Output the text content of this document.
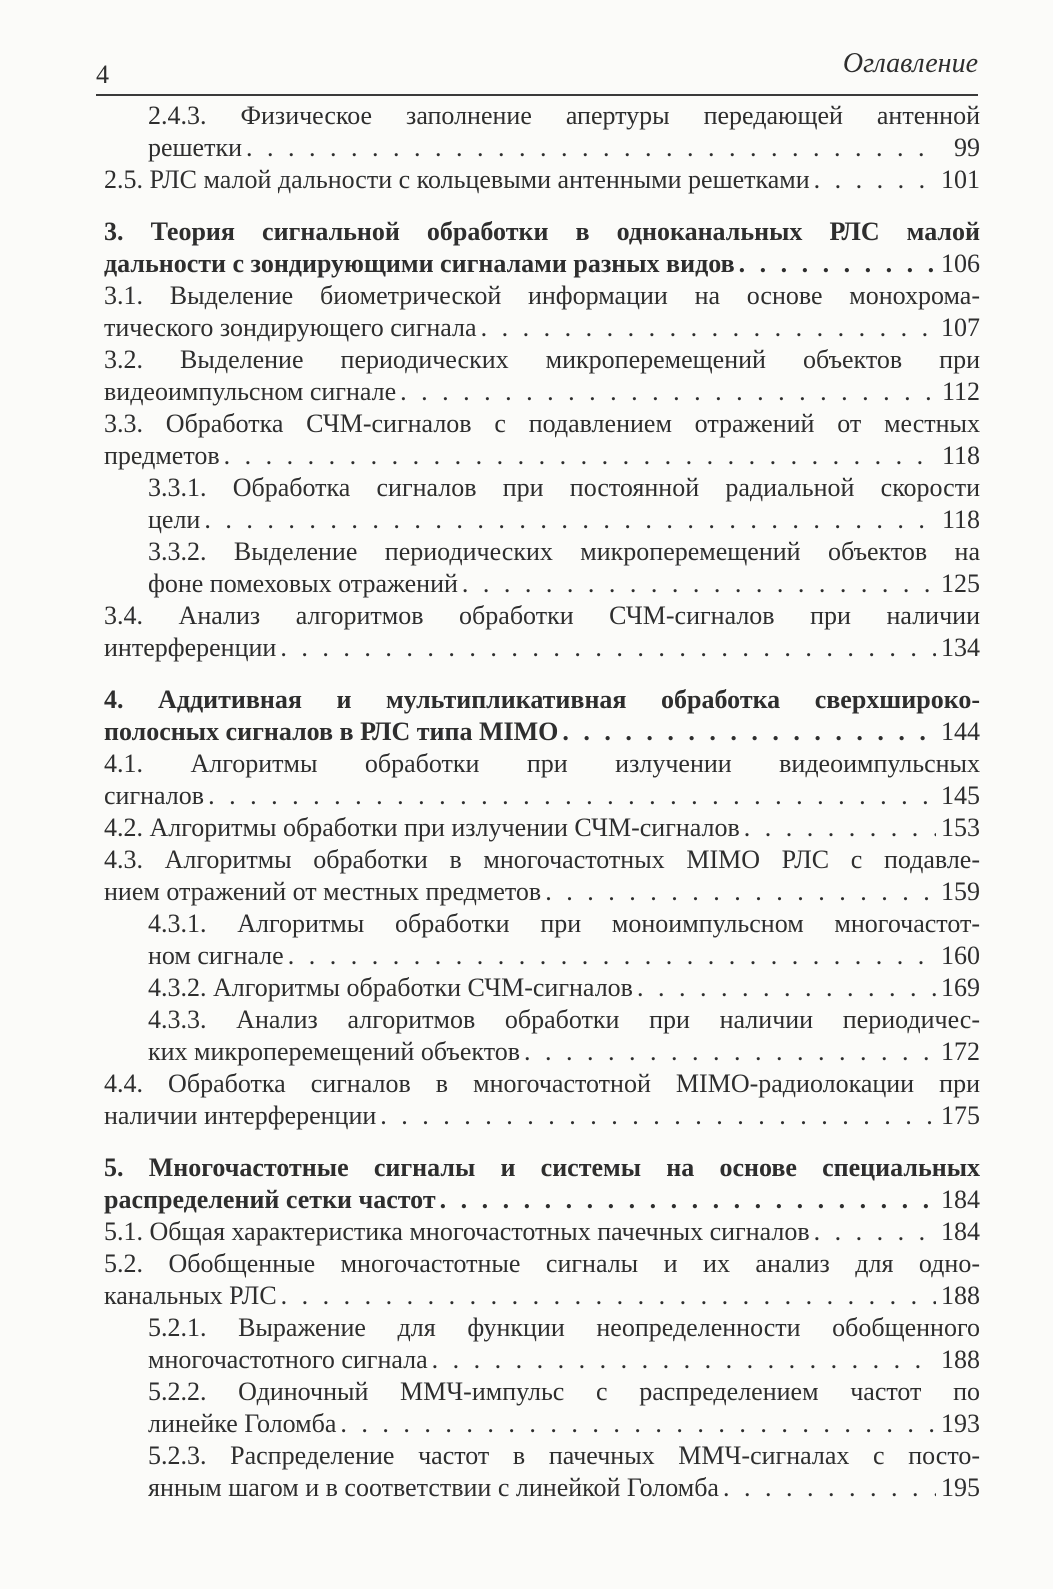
4	Оглавление
2.4.3. Физическое заполнение апертуры передающей антенной
решетки . . .	99
2.5. РЛС малой дальности с кольцевыми антенными решетками . . .	101
3. Теория сигнальной обработки в одноканальных РЛС малой
дальности с зондирующими сигналами разных видов . . .	106
3.1. Выделение биометрической информации на основе монохрома-
тического зондирующего сигнала . . .	107
3.2. Выделение периодических микроперемещений объектов при
видеоимпульсном сигнале . . .	112
3.3. Обработка СЧМ-сигналов с подавлением отражений от местных
предметов . . .	118
3.3.1. Обработка сигналов при постоянной радиальной скорости
цели . . .	118
3.3.2. Выделение периодических микроперемещений объектов на
фоне помеховых отражений . . .	125
3.4. Анализ алгоритмов обработки СЧМ-сигналов при наличии
интерференции . . .	134
4. Аддитивная и мультипликативная обработка сверхшироко-
полосных сигналов в РЛС типа MIMO . . .	144
4.1. Алгоритмы обработки при излучении видеоимпульсных
сигналов . . .	145
4.2. Алгоритмы обработки при излучении СЧМ-сигналов . . .	153
4.3. Алгоритмы обработки в многочастотных MIMO РЛС с подавле-
нием отражений от местных предметов . . .	159
4.3.1. Алгоритмы обработки при моноимпульсном многочастот-
ном сигнале . . .	160
4.3.2. Алгоритмы обработки СЧМ-сигналов . . .	169
4.3.3. Анализ алгоритмов обработки при наличии периодичес-
ких микроперемещений объектов . . .	172
4.4. Обработка сигналов в многочастотной MIMO-радиолокации при
наличии интерференции . . .	175
5. Многочастотные сигналы и системы на основе специальных
распределений сетки частот . . .	184
5.1. Общая характеристика многочастотных пачечных сигналов . . .	184
5.2. Обобщенные многочастотные сигналы и их анализ для одно-
канальных РЛС . . .	188
5.2.1. Выражение для функции неопределенности обобщенного
многочастотного сигнала . . .	188
5.2.2. Одиночный ММЧ-импульс с распределением частот по
линейке Голомба . . .	193
5.2.3. Распределение частот в пачечных ММЧ-сигналах с посто-
янным шагом и в соответствии с линейкой Голомба . . .	195
